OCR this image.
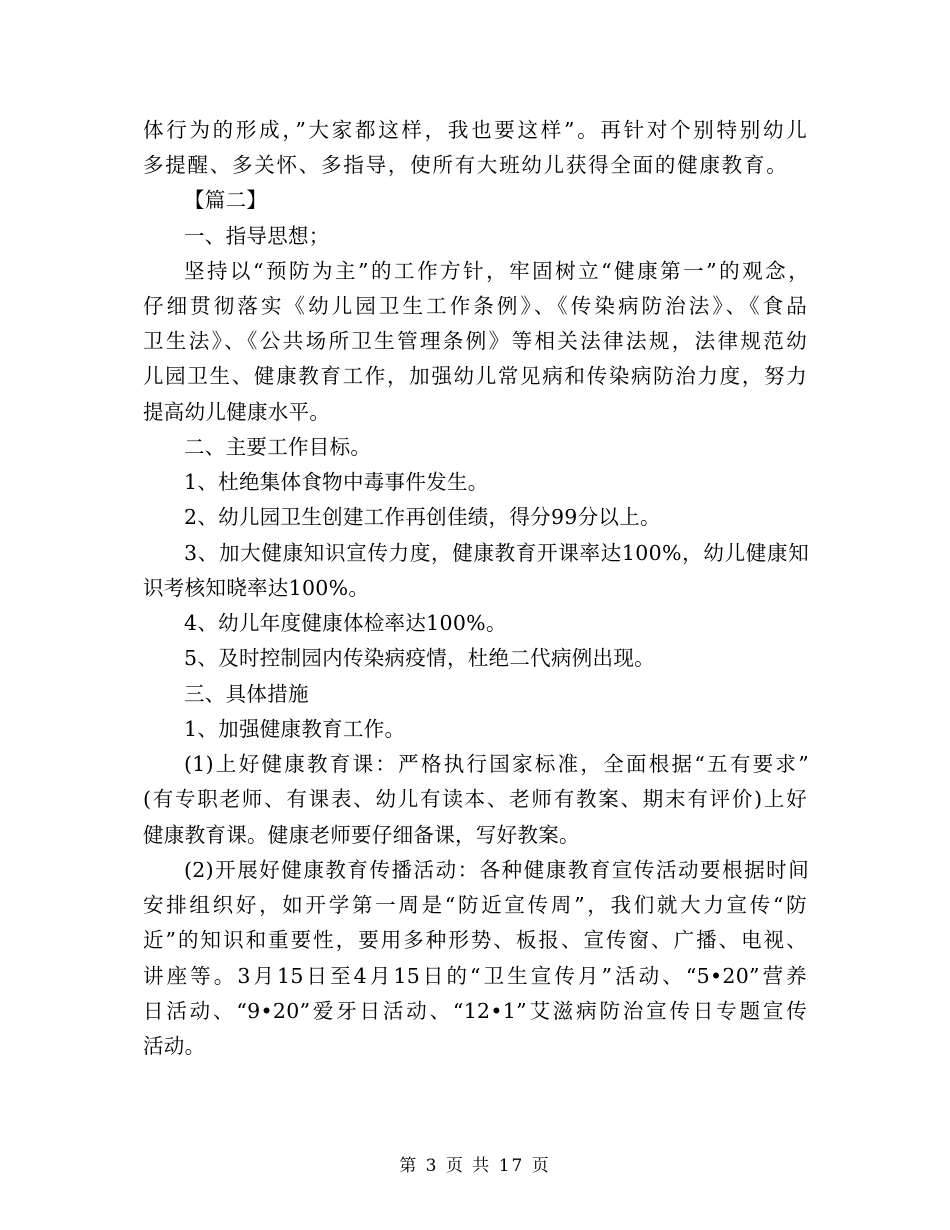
体行为的形成，”大家都这样，我也要这样”。再针对个别特别幼儿
多提醒、多关怀、多指导，使所有大班幼儿获得全面的健康教育。
【篇二】
一、指导思想；
坚持以“预防为主”的工作方针，牢固树立“健康第一”的观念，
仔细贯彻落实《幼儿园卫生工作条例》、《传染病防治法》、《食品
卫生法》、《公共场所卫生管理条例》等相关法律法规，法律规范幼
儿园卫生、健康教育工作，加强幼儿常见病和传染病防治力度，努力
提高幼儿健康水平。
二、主要工作目标。
1、杜绝集体食物中毒事件发生。
2、幼儿园卫生创建工作再创佳绩，得分99分以上。
3、加大健康知识宣传力度，健康教育开课率达100%，幼儿健康知
识考核知晓率达100%。
4、幼儿年度健康体检率达100%。
5、及时控制园内传染病疫情，杜绝二代病例出现。
三、具体措施
1、加强健康教育工作。
(1)上好健康教育课：严格执行国家标准，全面根据“五有要求”
(有专职老师、有课表、幼儿有读本、老师有教案、期末有评价)上好
健康教育课。健康老师要仔细备课，写好教案。
(2)开展好健康教育传播活动：各种健康教育宣传活动要根据时间
安排组织好，如开学第一周是“防近宣传周”，我们就大力宣传“防
近”的知识和重要性，要用多种形势、板报、宣传窗、广播、电视、
讲座等。3月15日至4月15日的“卫生宣传月”活动、“5•20”营养
日活动、“9•20”爱牙日活动、“12•1”艾滋病防治宣传日专题宣传
活动。
第 3 页 共 17 页
